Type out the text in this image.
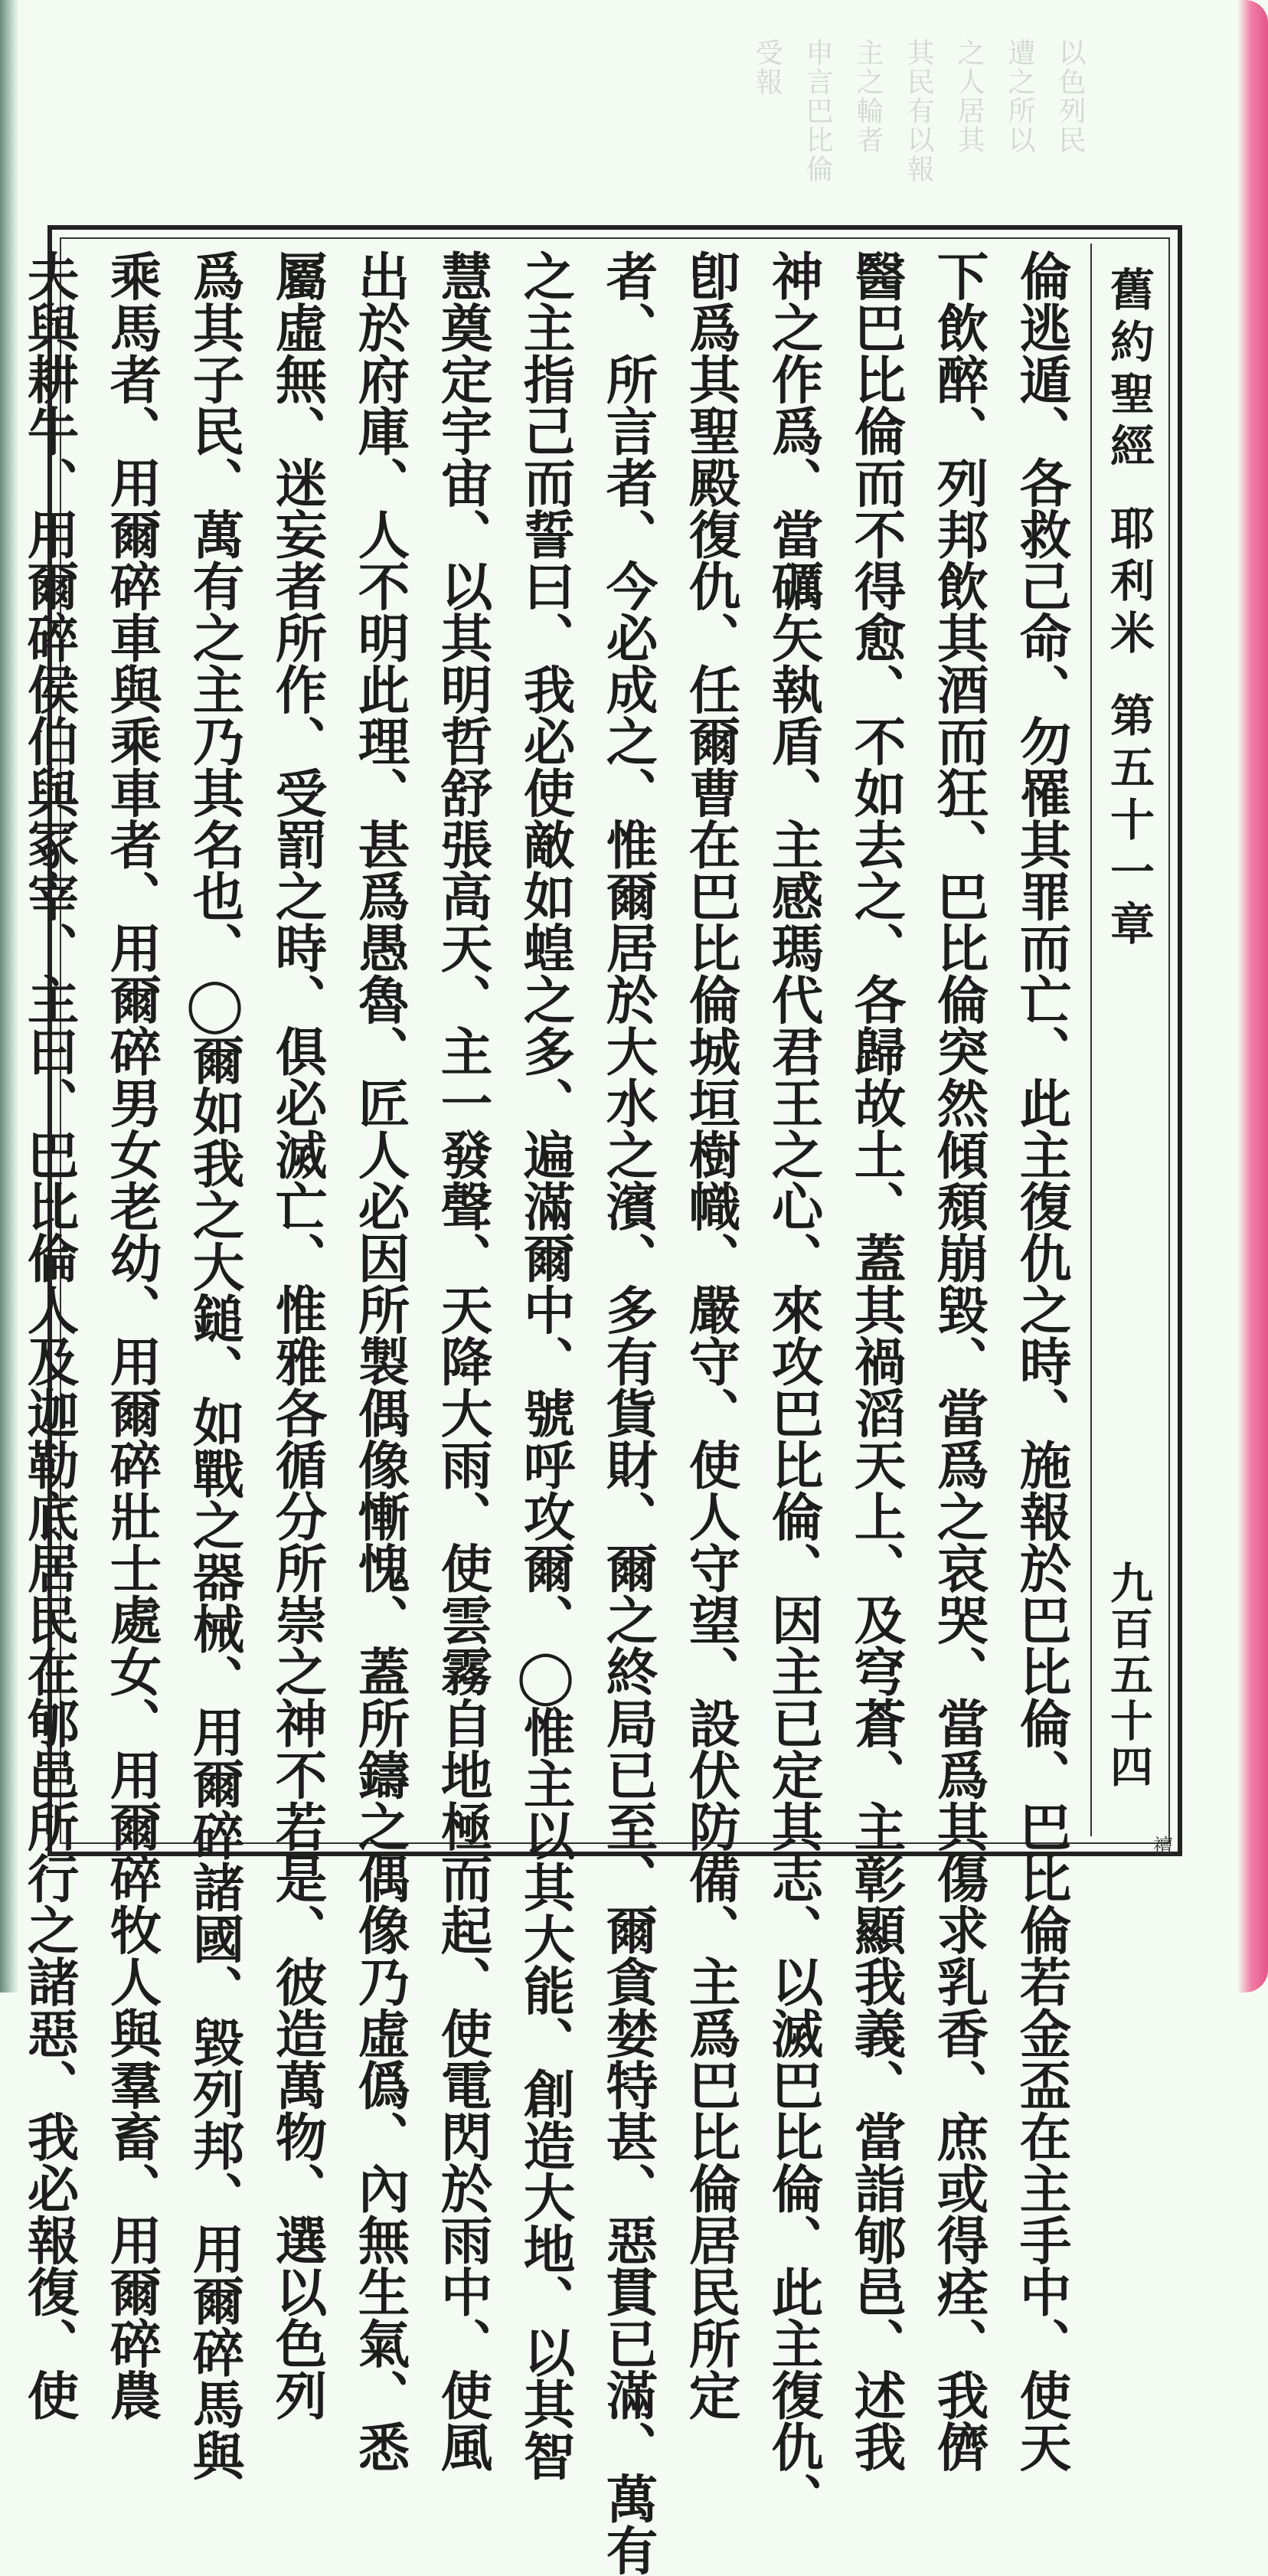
以色列民
遭之所以
之人居其
其民有以報
主之輪者
申言巴比倫
受報
舊約聖經
耶利米
第五十一章
九百五十四
倫逃遁、各救己命、勿罹其罪而亡、此主復仇之時、施報於巴比倫、巴比倫若金盃在主手中、使天
下飲醉、列邦飲其酒而狂、巴比倫突然傾頹崩毀、當爲之哀哭、當爲其傷求乳香、庶或得痊、我儕
醫巴比倫而不得愈、不如去之、各歸故土、蓋其禍滔天上、及穹蒼、主彰顯我義、當詣郇邑、述我
神之作爲、當礪矢執盾、主感瑪代君王之心、來攻巴比倫、因主已定其志、以滅巴比倫、此主復仇、
卽爲其聖殿復仇、任爾曹在巴比倫城垣樹幟、嚴守、使人守望、設伏防備、主爲巴比倫居民所定
者、所言者、今必成之、惟爾居於大水之濱、多有貨財、爾之終局已至、爾貪婪特甚、惡貫已滿、萬有
之主指己而誓曰、我必使敵如蝗之多、遍滿爾中、號呼攻爾、◯惟主以其大能、創造大地、以其智
慧奠定宇宙、以其明哲舒張高天、主一發聲、天降大雨、使雲霧自地極而起、使電閃於雨中、使風
出於府庫、人不明此理、甚爲愚魯、匠人必因所製偶像慚愧、蓋所鑄之偶像乃虛僞、內無生氣、悉
屬虛無、迷妄者所作、受罰之時、俱必滅亡、惟雅各循分所崇之神不若是、彼造萬物、選以色列
爲其子民、萬有之主乃其名也、◯爾如我之大鎚、如戰之器械、用爾碎諸國、毀列邦、用爾碎馬與
乘馬者、用爾碎車與乘車者、用爾碎男女老幼、用爾碎壯士處女、用爾碎牧人與羣畜、用爾碎農
夫與耕牛、用爾碎侯伯與冢宰、主曰、巴比倫人及迦勒底居民在郇邑所行之諸惡、我必報復、使	䄠
